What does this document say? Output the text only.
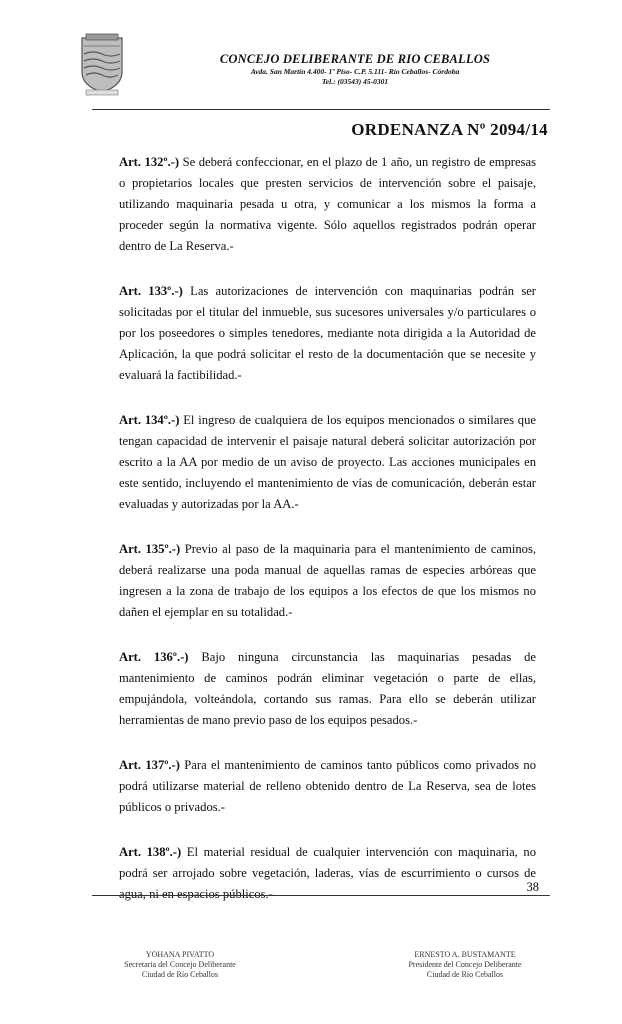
CONCEJO DELIBERANTE DE RIO CEBALLOS
Avda. San Martín 4.400- 1º Piso- C.P. 5.111- Río Ceballos- Córdoba
Tel.: (03543) 45-0301
ORDENANZA Nº 2094/14

Art. 132º.-) Se deberá confeccionar, en el plazo de 1 año, un registro de empresas o propietarios locales que presten servicios de intervención sobre el paisaje, utilizando maquinaria pesada u otra, y comunicar a los mismos la forma a proceder según la normativa vigente. Sólo aquellos registrados podrán operar dentro de La Reserva.-

Art. 133º.-) Las autorizaciones de intervención con maquinarias podrán ser solicitadas por el titular del inmueble, sus sucesores universales y/o particulares o por los poseedores o simples tenedores, mediante nota dirigida a la Autoridad de Aplicación, la que podrá solicitar el resto de la documentación que se necesite y evaluará la factibilidad.-

Art. 134º.-) El ingreso de cualquiera de los equipos mencionados o similares que tengan capacidad de intervenir el paisaje natural deberá solicitar autorización por escrito a la AA por medio de un aviso de proyecto. Las acciones municipales en este sentido, incluyendo el mantenimiento de vías de comunicación, deberán estar evaluadas y autorizadas por la AA.-

Art. 135º.-) Previo al paso de la maquinaria para el mantenimiento de caminos, deberá realizarse una poda manual de aquellas ramas de especies arbóreas que ingresen a la zona de trabajo de los equipos a los efectos de que los mismos no dañen el ejemplar en su totalidad.-

Art. 136º.-) Bajo ninguna circunstancia las maquinarias pesadas de mantenimiento de caminos podrán eliminar vegetación o parte de ellas, empujándola, volteándola, cortando sus ramas. Para ello se deberán utilizar herramientas de mano previo paso de los equipos pesados.-

Art. 137º.-) Para el mantenimiento de caminos tanto públicos como privados no podrá utilizarse material de relleno obtenido dentro de La Reserva, sea de lotes públicos o privados.-

Art. 138º.-) El material residual de cualquier intervención con maquinaria, no podrá ser arrojado sobre vegetación, laderas, vías de escurrimiento o cursos de agua, ni en espacios públicos.-	38
YOHANA PIVATTO
Secretaria del Concejo Deliberante
Ciudad de Río Ceballos
ERNESTO A. BUSTAMANTE
Presidente del Concejo Deliberante
Ciudad de Río Ceballos
